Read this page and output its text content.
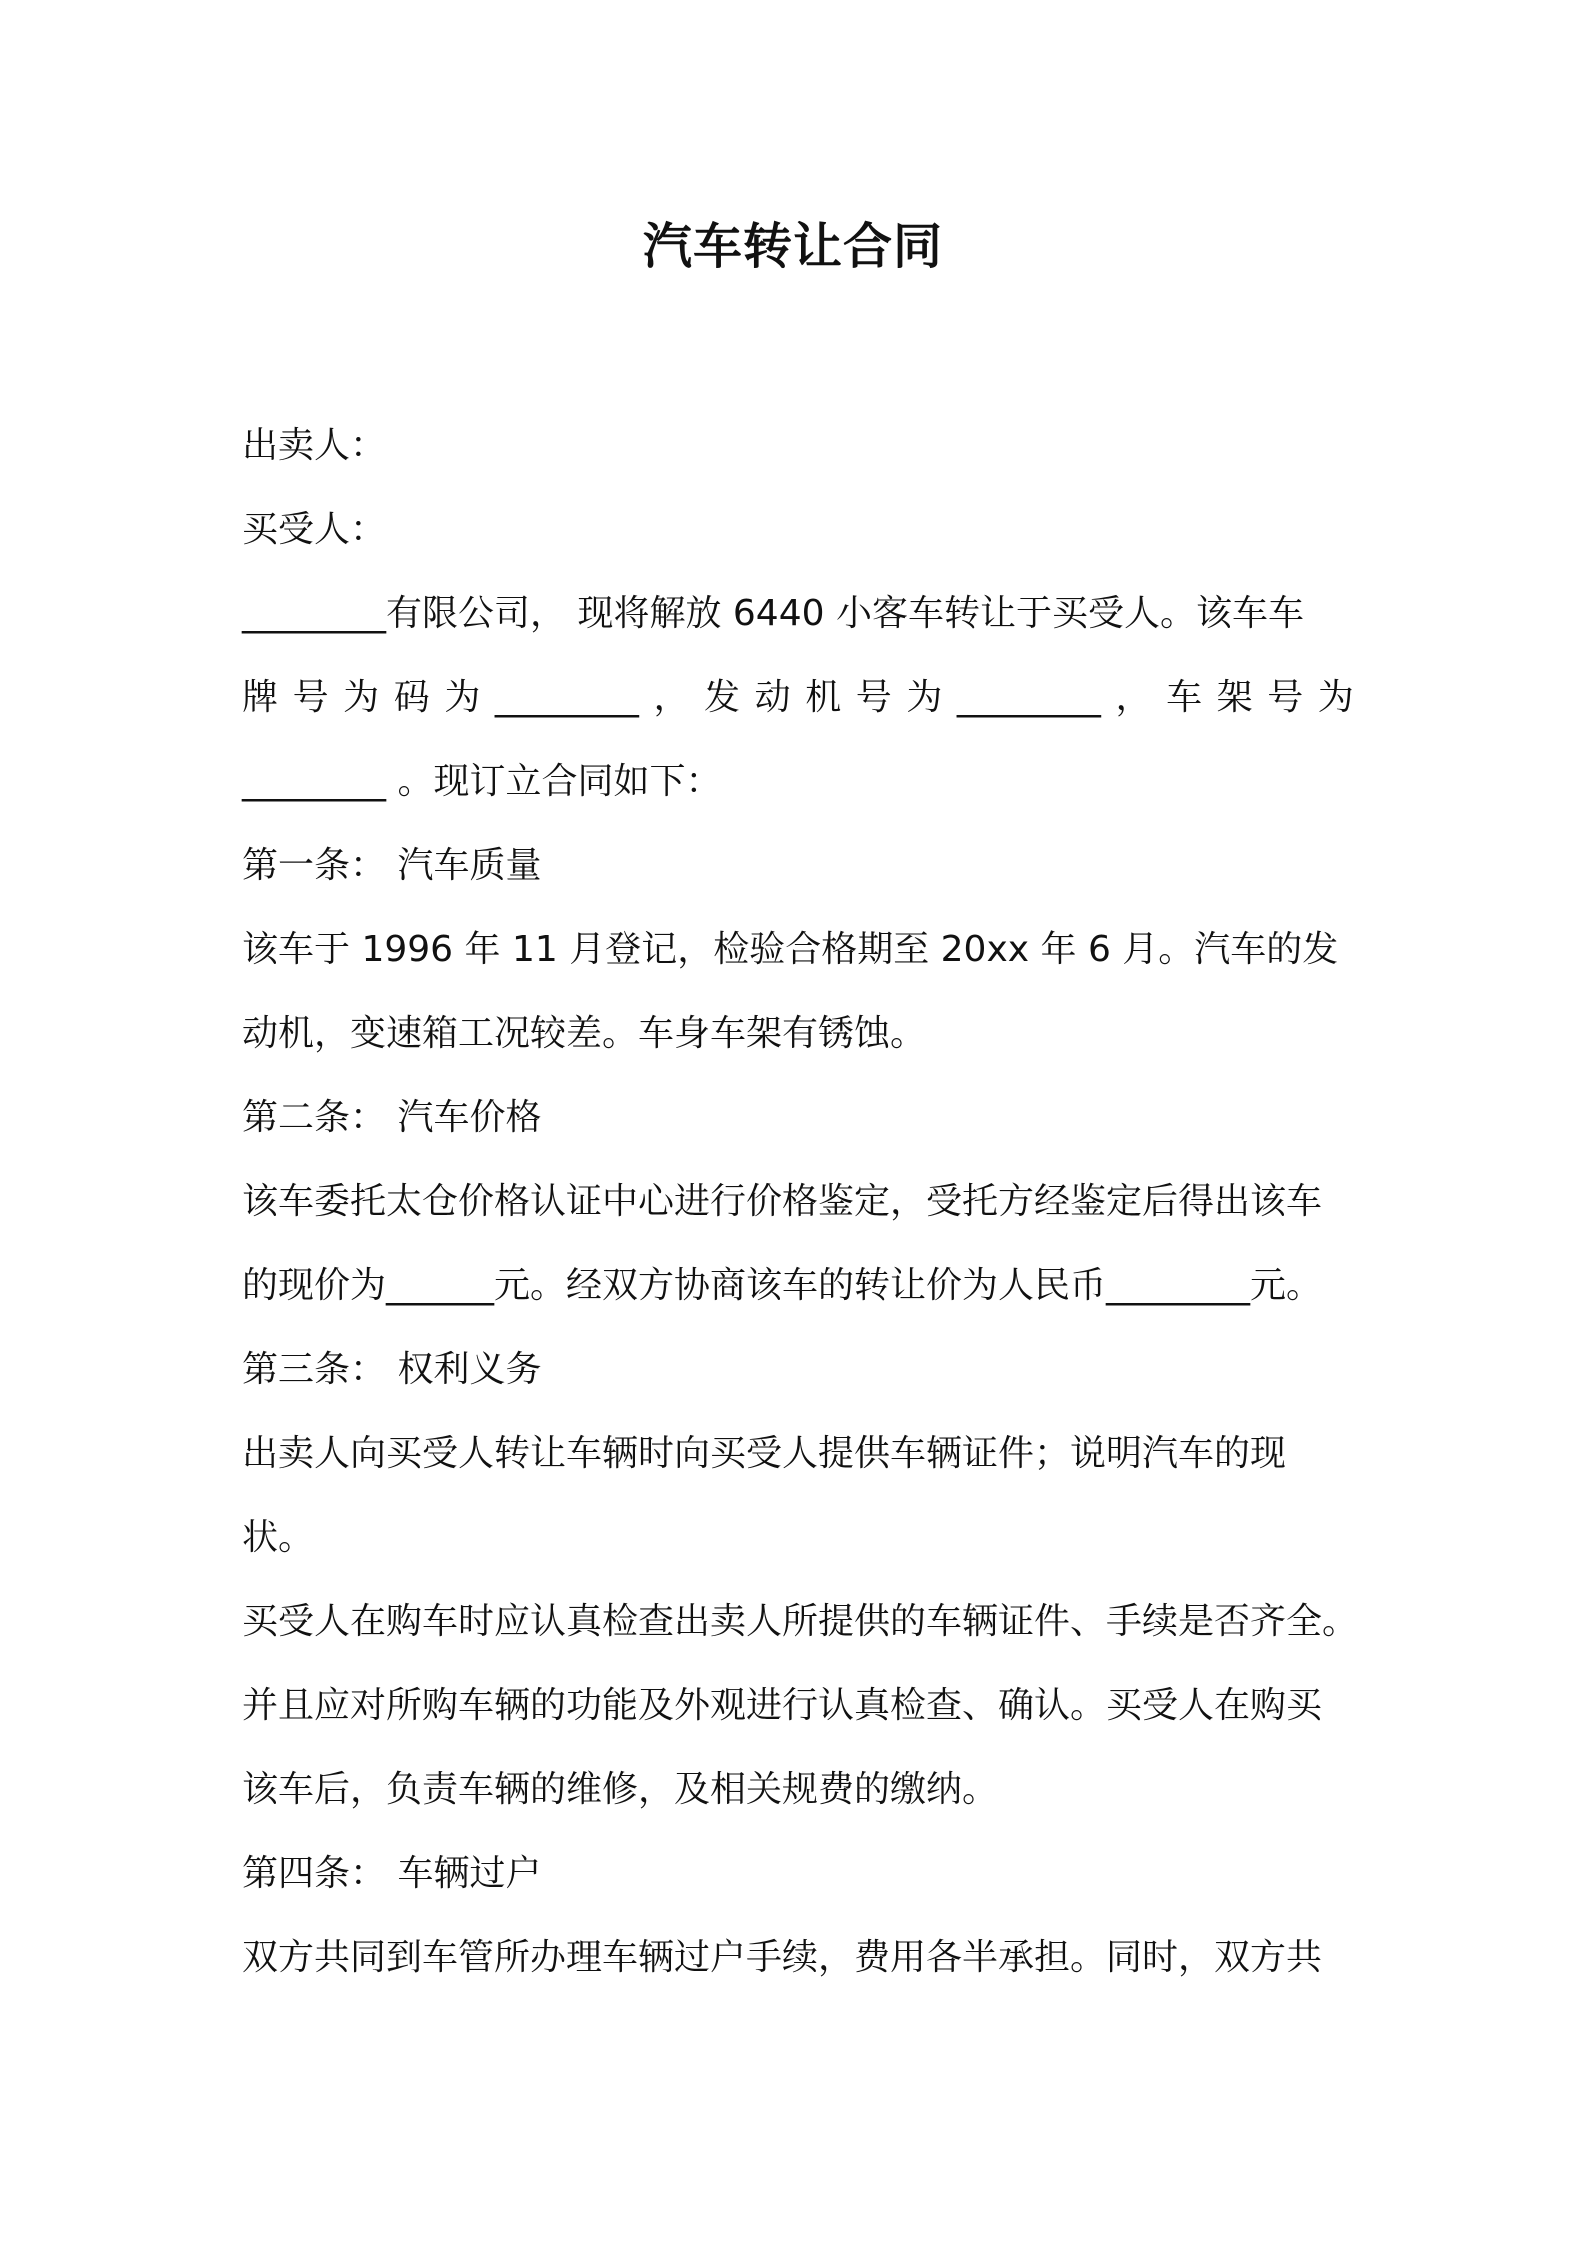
汽车转让合同

出卖人：

买受人：

________有限公司， 现将解放 6440 小客车转让于买受人。该车车

牌 号 为 码 为 ________ ， 发 动 机 号 为 ________ ， 车 架 号 为

________ 。现订立合同如下：

第一条： 汽车质量

该车于 1996 年 11 月登记，检验合格期至 20xx 年 6 月。汽车的发

动机，变速箱工况较差。车身车架有锈蚀。

第二条： 汽车价格

该车委托太仓价格认证中心进行价格鉴定，受托方经鉴定后得出该车

的现价为______元。经双方协商该车的转让价为人民币________元。

第三条： 权利义务

出卖人向买受人转让车辆时向买受人提供车辆证件；说明汽车的现

状。

买受人在购车时应认真检查出卖人所提供的车辆证件、手续是否齐全。

并且应对所购车辆的功能及外观进行认真检查、确认。买受人在购买

该车后，负责车辆的维修，及相关规费的缴纳。

第四条： 车辆过户

双方共同到车管所办理车辆过户手续，费用各半承担。同时，双方共
